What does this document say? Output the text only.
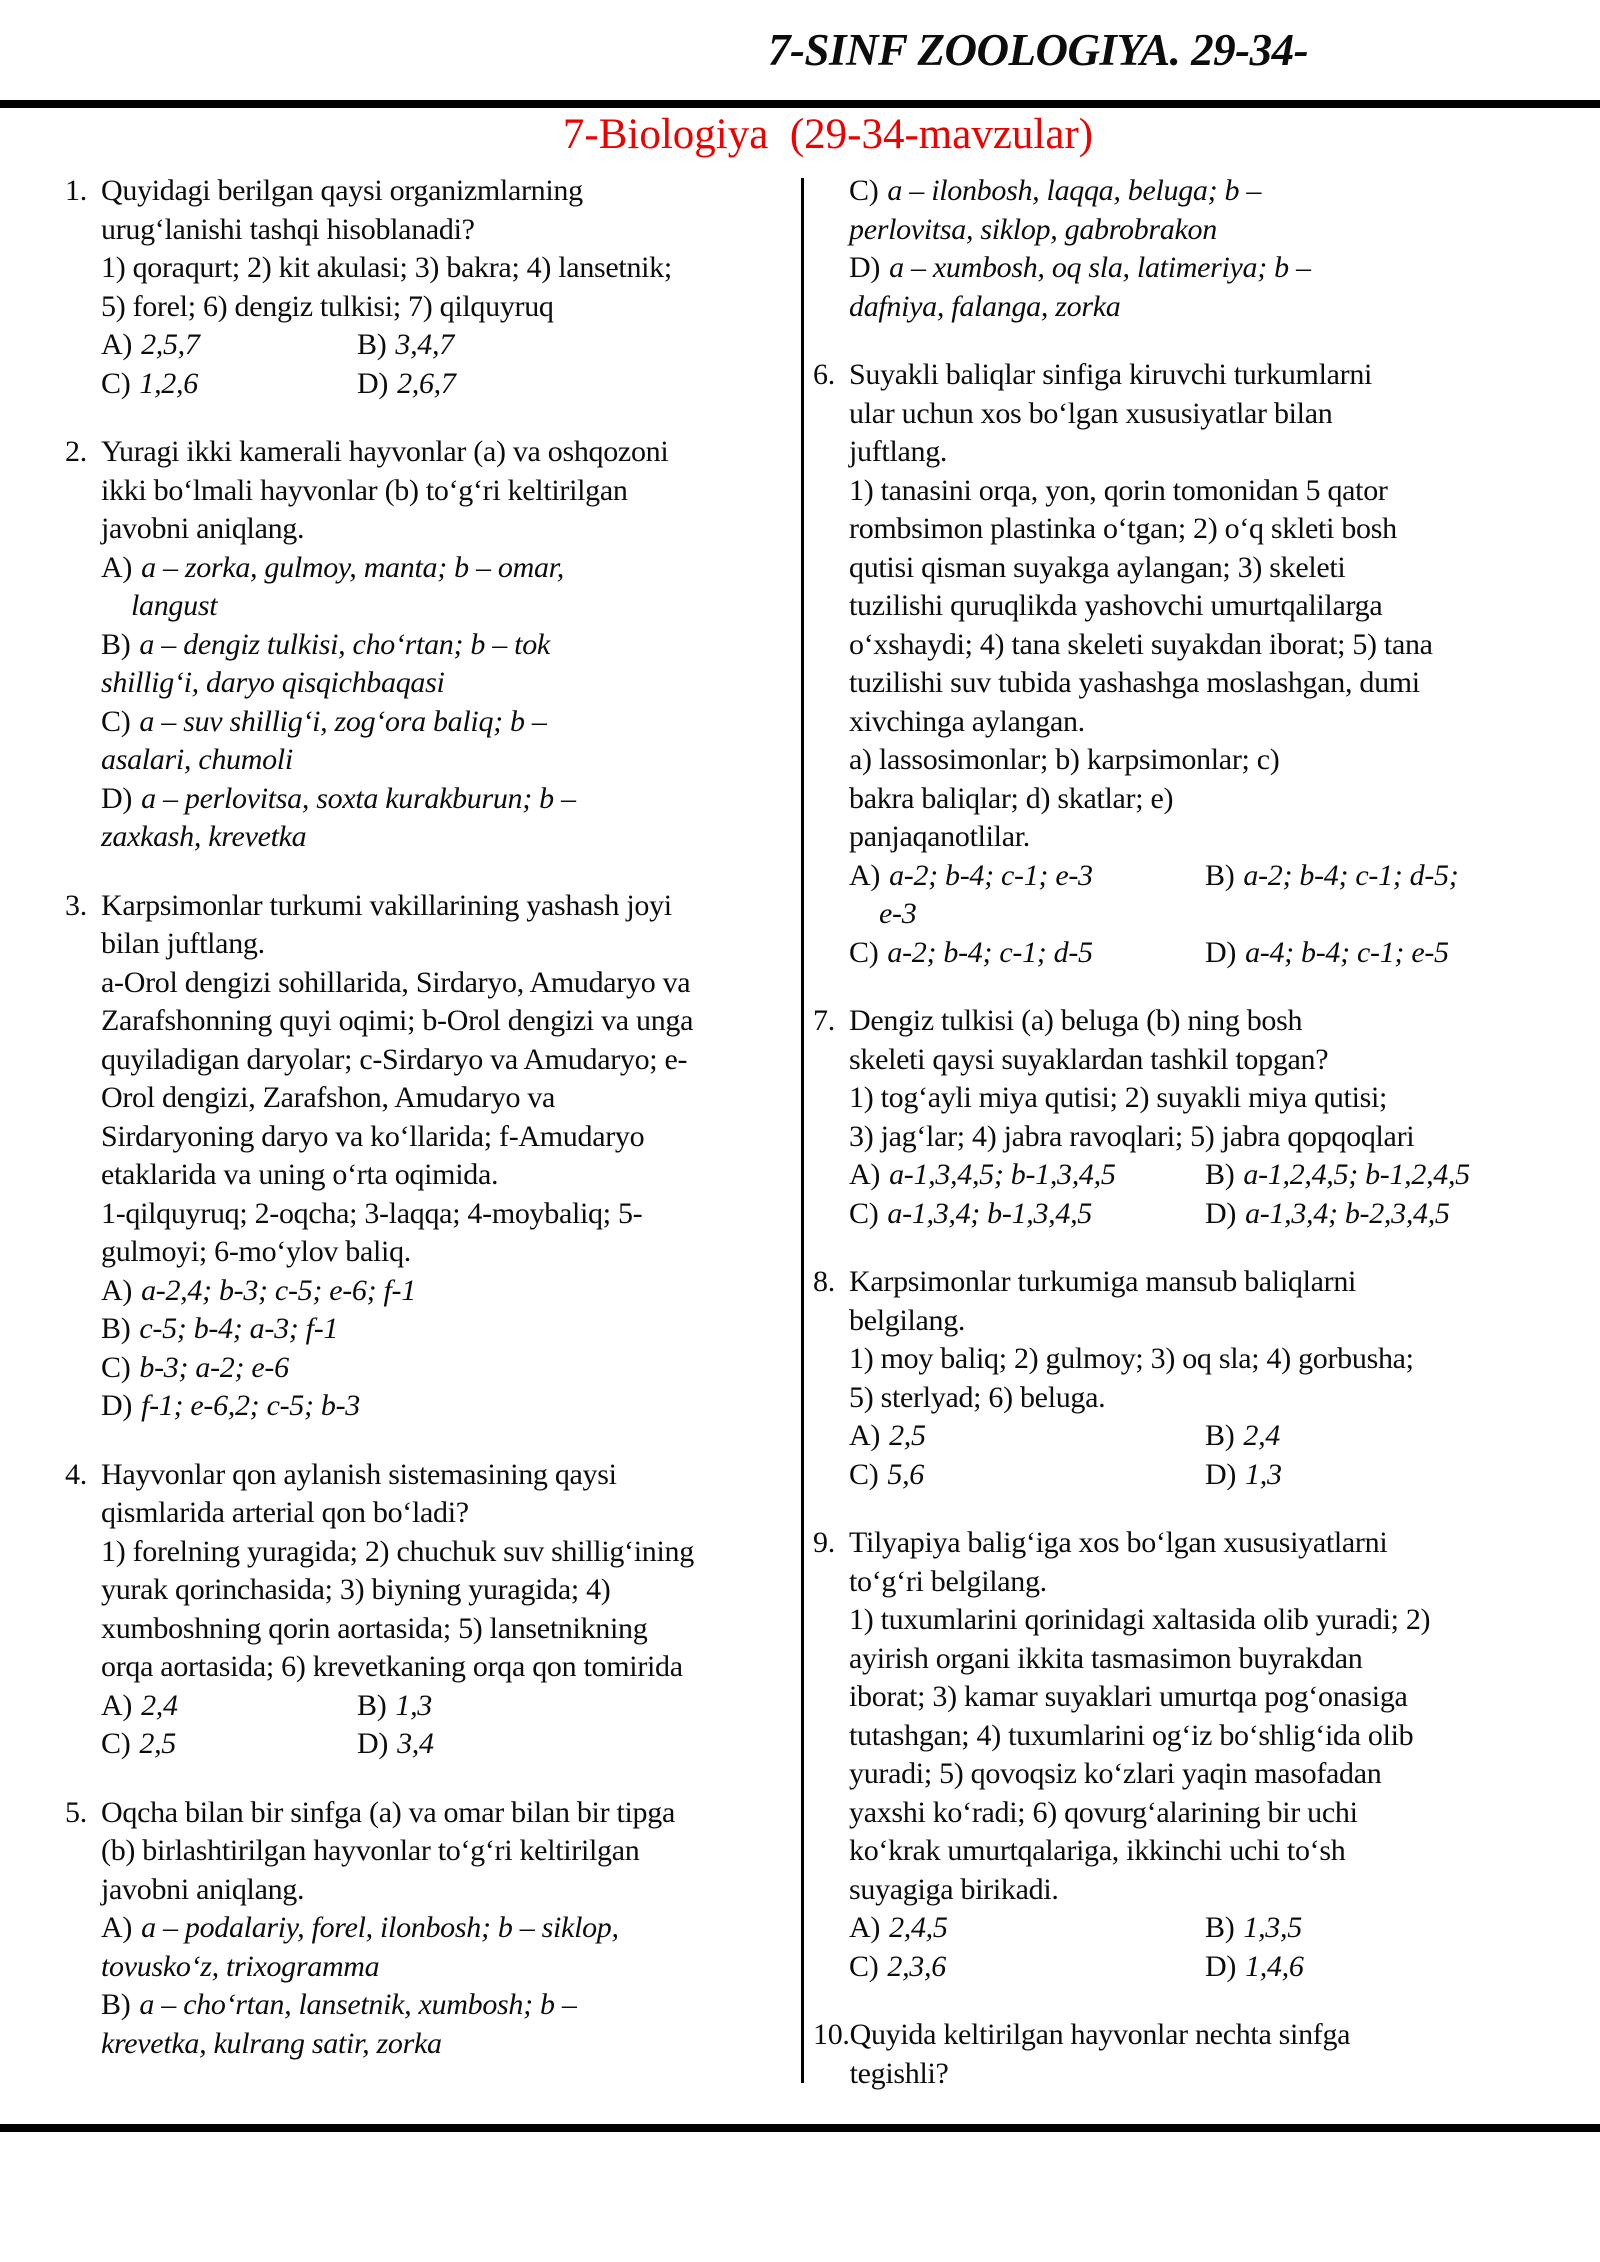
7-SINF ZOOLOGIYA. 29-34-
7-Biologiya  (29-34-mavzular)
1. Quyidagi berilgan qaysi organizmlarning
urug‘lanishi tashqi hisoblanadi?
1) qoraqurt; 2) kit akulasi; 3) bakra; 4) lansetnik;
5) forel; 6) dengiz tulkisi; 7) qilquyruq
A) 2,5,7	B) 3,4,7
C) 1,2,6	D) 2,6,7
2. Yuragi ikki kamerali hayvonlar (a) va oshqozoni
ikki bo‘lmali hayvonlar (b) to‘g‘ri keltirilgan
javobni aniqlang.
A) a – zorka, gulmoy, manta; b – omar,
langust
B) a – dengiz tulkisi, cho‘rtan; b – tok
shillig‘i, daryo qisqichbaqasi
C) a – suv shillig‘i, zog‘ora baliq; b –
asalari, chumoli
D) a – perlovitsa, soxta kurakburun; b –
zaxkash, krevetka
3. Karpsimonlar turkumi vakillarining yashash joyi
bilan juftlang.
a-Orol dengizi sohillarida, Sirdaryo, Amudaryo va
Zarafshonning quyi oqimi; b-Orol dengizi va unga
quyiladigan daryolar; c-Sirdaryo va Amudaryo; e-
Orol dengizi, Zarafshon, Amudaryo va
Sirdaryoning daryo va ko‘llarida; f-Amudaryo
etaklarida va uning o‘rta oqimida.
1-qilquyruq; 2-oqcha; 3-laqqa; 4-moybaliq; 5-
gulmoyi; 6-mo‘ylov baliq.
A) a-2,4; b-3; c-5; e-6; f-1
B) c-5; b-4; a-3; f-1
C) b-3; a-2; e-6
D) f-1; e-6,2; c-5; b-3
4. Hayvonlar qon aylanish sistemasining qaysi
qismlarida arterial qon bo‘ladi?
1) forelning yuragida; 2) chuchuk suv shillig‘ining
yurak qorinchasida; 3) biyning yuragida; 4)
xumboshning qorin aortasida; 5) lansetnikning
orqa aortasida; 6) krevetkaning orqa qon tomirida
A) 2,4	B) 1,3
C) 2,5	D) 3,4
5. Oqcha bilan bir sinfga (a) va omar bilan bir tipga
(b) birlashtirilgan hayvonlar to‘g‘ri keltirilgan
javobni aniqlang.
A) a – podalariy, forel, ilonbosh; b – siklop,
tovusko‘z, trixogramma
B) a – cho‘rtan, lansetnik, xumbosh; b –
krevetka, kulrang satir, zorka
C) a – ilonbosh, laqqa, beluga; b –
perlovitsa, siklop, gabrobrakon
D) a – xumbosh, oq sla, latimeriya; b –
dafniya, falanga, zorka
6. Suyakli baliqlar sinfiga kiruvchi turkumlarni
ular uchun xos bo‘lgan xususiyatlar bilan
juftlang.
1) tanasini orqa, yon, qorin tomonidan 5 qator
rombsimon plastinka o‘tgan; 2) o‘q skleti bosh
qutisi qisman suyakga aylangan; 3) skeleti
tuzilishi quruqlikda yashovchi umurtqalilarga
o‘xshaydi; 4) tana skeleti suyakdan iborat; 5) tana
tuzilishi suv tubida yashashga moslashgan, dumi
xivchinga aylangan.
a) lassosimonlar; b) karpsimonlar; c)
bakra baliqlar; d) skatlar; e)
panjaqanotlilar.
A) a-2; b-4; c-1; e-3	B) a-2; b-4; c-1; d-5;
e-3
C) a-2; b-4; c-1; d-5	D) a-4; b-4; c-1; e-5
7. Dengiz tulkisi (a) beluga (b) ning bosh
skeleti qaysi suyaklardan tashkil topgan?
1) tog‘ayli miya qutisi; 2) suyakli miya qutisi;
3) jag‘lar; 4) jabra ravoqlari; 5) jabra qopqoqlari
A) a-1,3,4,5; b-1,3,4,5	B) a-1,2,4,5; b-1,2,4,5
C) a-1,3,4; b-1,3,4,5	D) a-1,3,4; b-2,3,4,5
8. Karpsimonlar turkumiga mansub baliqlarni
belgilang.
1) moy baliq; 2) gulmoy; 3) oq sla; 4) gorbusha;
5) sterlyad; 6) beluga.
A) 2,5	B) 2,4
C) 5,6	D) 1,3
9. Tilyapiya balig‘iga xos bo‘lgan xususiyatlarni
to‘g‘ri belgilang.
1) tuxumlarini qorinidagi xaltasida olib yuradi; 2)
ayirish organi ikkita tasmasimon buyrakdan
iborat; 3) kamar suyaklari umurtqa pog‘onasiga
tutashgan; 4) tuxumlarini og‘iz bo‘shlig‘ida olib
yuradi; 5) qovoqsiz ko‘zlari yaqin masofadan
yaxshi ko‘radi; 6) qovurg‘alarining bir uchi
ko‘krak umurtqalariga, ikkinchi uchi to‘sh
suyagiga birikadi.
A) 2,4,5	B) 1,3,5
C) 2,3,6	D) 1,4,6
10. Quyida keltirilgan hayvonlar nechta sinfga
tegishli?
